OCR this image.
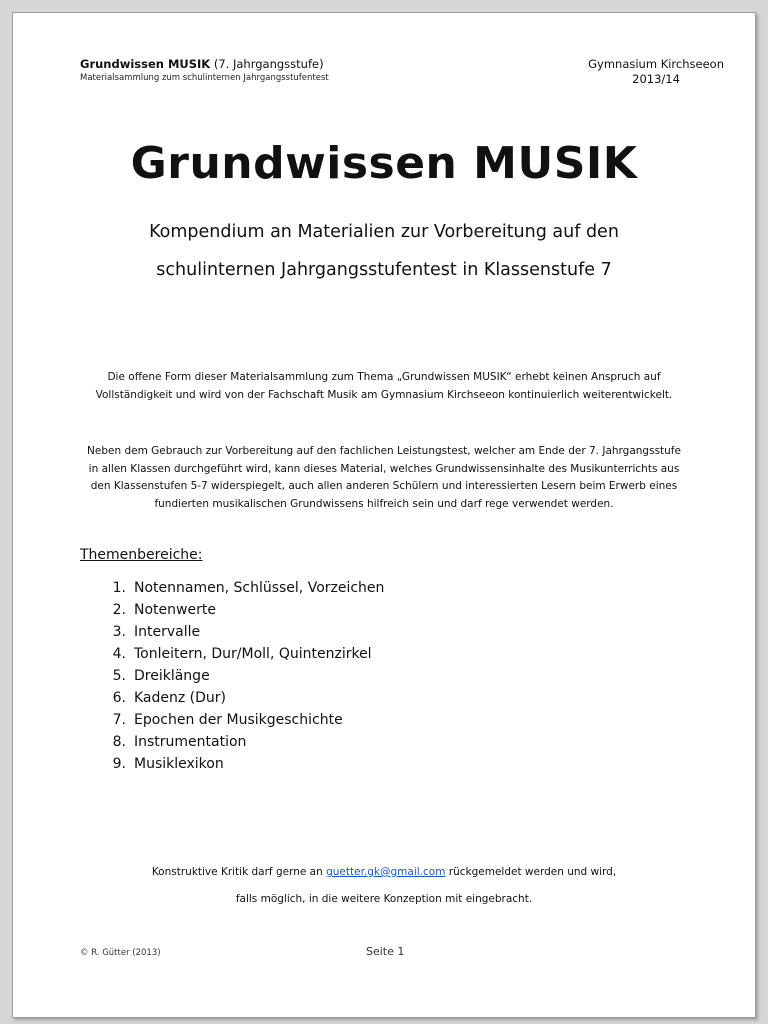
Grundwissen MUSIK (7. Jahrgangsstufe)
Materialsammlung zum schulinternen Jahrgangsstufentest
Gymnasium Kirchseeon
2013/14
Grundwissen MUSIK
Kompendium an Materialien zur Vorbereitung auf den
schulinternen Jahrgangsstufentest in Klassenstufe 7
Die offene Form dieser Materialsammlung zum Thema „Grundwissen MUSIK“ erhebt keinen Anspruch auf
Vollständigkeit und wird von der Fachschaft Musik am Gymnasium Kirchseeon kontinuierlich weiterentwickelt.
Neben dem Gebrauch zur Vorbereitung auf den fachlichen Leistungstest, welcher am Ende der 7. Jahrgangsstufe
in allen Klassen durchgeführt wird, kann dieses Material, welches Grundwissensinhalte des Musikunterrichts aus
den Klassenstufen 5-7 widerspiegelt, auch allen anderen Schülern und interessierten Lesern beim Erwerb eines
fundierten musikalischen Grundwissens hilfreich sein und darf rege verwendet werden.
Themenbereiche:
1. Notennamen, Schlüssel, Vorzeichen
2. Notenwerte
3. Intervalle
4. Tonleitern, Dur/Moll, Quintenzirkel
5. Dreiklänge
6. Kadenz (Dur)
7. Epochen der Musikgeschichte
8. Instrumentation
9. Musiklexikon
Konstruktive Kritik darf gerne an guetter.gk@gmail.com rückgemeldet werden und wird,
falls möglich, in die weitere Konzeption mit eingebracht.
© R. Gütter (2013)	Seite 1
